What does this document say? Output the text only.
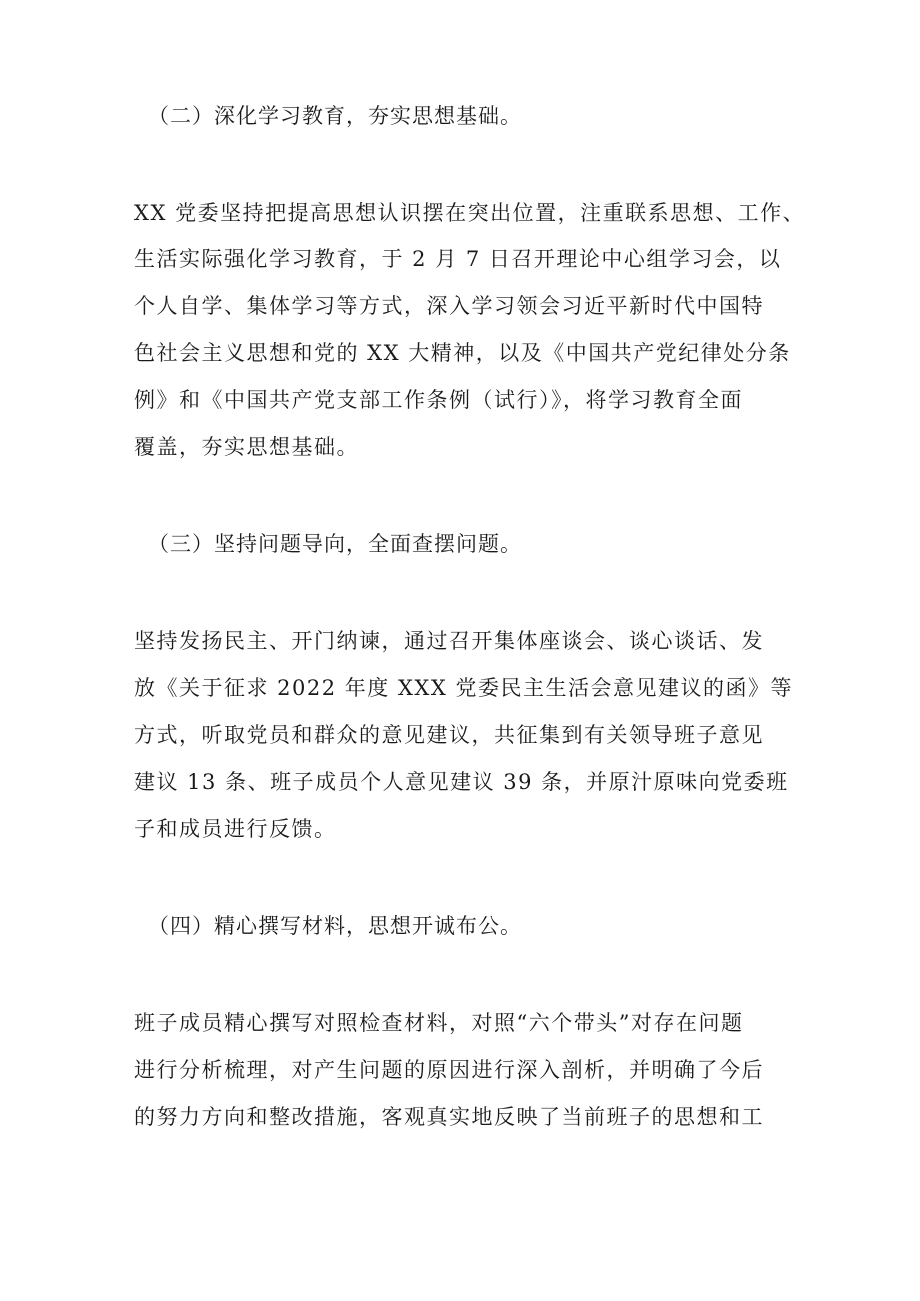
（二）深化学习教育，夯实思想基础。
XX 党委坚持把提高思想认识摆在突出位置，注重联系思想、工作、
生活实际强化学习教育，于 2 月 7 日召开理论中心组学习会，以
个人自学、集体学习等方式，深入学习领会习近平新时代中国特
色社会主义思想和党的 XX 大精神，以及《中国共产党纪律处分条
例》和《中国共产党支部工作条例（试行）》，将学习教育全面
覆盖，夯实思想基础。
（三）坚持问题导向，全面查摆问题。
坚持发扬民主、开门纳谏，通过召开集体座谈会、谈心谈话、发
放《关于征求 2022 年度 XXX 党委民主生活会意见建议的函》等
方式，听取党员和群众的意见建议，共征集到有关领导班子意见
建议 13 条、班子成员个人意见建议 39 条，并原汁原味向党委班
子和成员进行反馈。
（四）精心撰写材料，思想开诚布公。
班子成员精心撰写对照检查材料，对照“六个带头”对存在问题
进行分析梳理，对产生问题的原因进行深入剖析，并明确了今后
的努力方向和整改措施，客观真实地反映了当前班子的思想和工
